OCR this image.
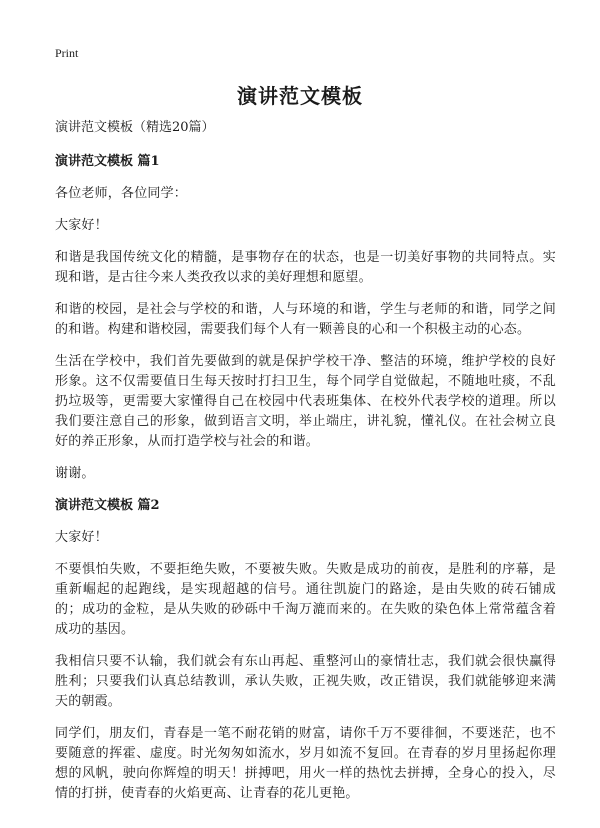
Print
演讲范文模板
演讲范文模板（精选20篇）
演讲范文模板 篇1

各位老师，各位同学：

大家好！

和谐是我国传统文化的精髓，是事物存在的状态，也是一切美好事物的共同特点。实现和谐，是古往今来人类孜孜以求的美好理想和愿望。

和谐的校园，是社会与学校的和谐，人与环境的和谐，学生与老师的和谐，同学之间的和谐。构建和谐校园，需要我们每个人有一颗善良的心和一个积极主动的心态。

生活在学校中，我们首先要做到的就是保护学校干净、整洁的环境，维护学校的良好形象。这不仅需要值日生每天按时打扫卫生，每个同学自觉做起，不随地吐痰，不乱扔垃圾等，更需要大家懂得自己在校园中代表班集体、在校外代表学校的道理。所以我们要注意自己的形象，做到语言文明，举止端庄，讲礼貌，懂礼仪。在社会树立良好的养正形象，从而打造学校与社会的和谐。

谢谢。

演讲范文模板 篇2

大家好！

不要惧怕失败，不要拒绝失败，不要被失败。失败是成功的前夜，是胜利的序幕，是重新崛起的起跑线，是实现超越的信号。通往凯旋门的路途，是由失败的砖石铺成的；成功的金粒，是从失败的砂砾中千淘万漉而来的。在失败的染色体上常常蕴含着成功的基因。

我相信只要不认输，我们就会有东山再起、重整河山的豪情壮志，我们就会很快赢得胜利；只要我们认真总结教训，承认失败，正视失败，改正错误，我们就能够迎来满天的朝霞。

同学们，朋友们，青春是一笔不耐花销的财富，请你千万不要徘徊，不要迷茫，也不要随意的挥霍、虚度。时光匆匆如流水，岁月如流不复回。在青春的岁月里扬起你理想的风帆，驶向你辉煌的明天！拼搏吧，用火一样的热忱去拼搏，全身心的投入，尽情的打拼，使青春的火焰更高、让青春的花儿更艳。
